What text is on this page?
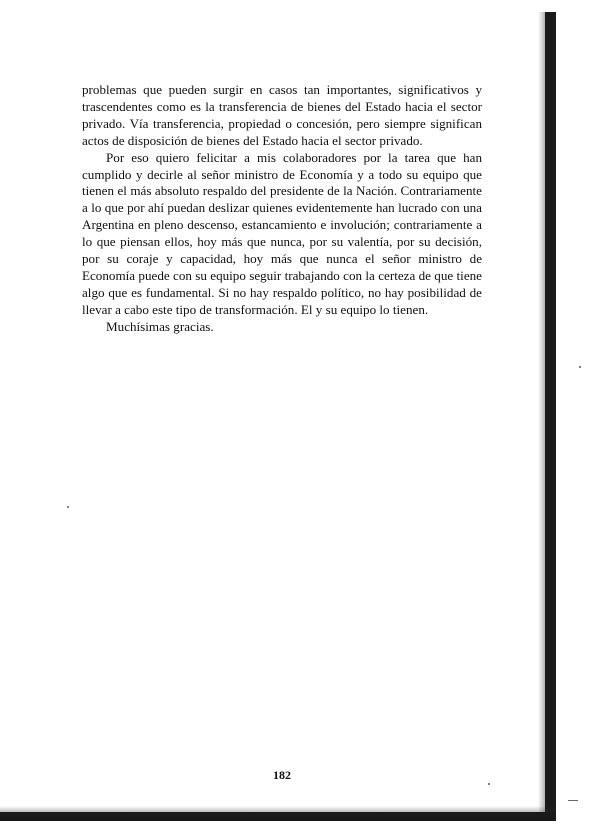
problemas que pueden surgir en casos tan importantes, significativos y trascendentes como es la transferencia de bienes del Estado hacia el sector privado. Vía transferencia, propiedad o concesión, pero siempre significan actos de disposición de bienes del Estado hacia el sector privado.

Por eso quiero felicitar a mis colaboradores por la tarea que han cumplido y decirle al señor ministro de Economía y a todo su equipo que tienen el más absoluto respaldo del presidente de la Nación. Contrariamente a lo que por ahí puedan deslizar quienes evidentemente han lucrado con una Argentina en pleno descenso, estancamiento e involución; contrariamente a lo que piensan ellos, hoy más que nunca, por su valentía, por su decisión, por su coraje y capacidad, hoy más que nunca el señor ministro de Economía puede con su equipo seguir trabajando con la certeza de que tiene algo que es fundamental. Si no hay respaldo político, no hay posibilidad de llevar a cabo este tipo de transformación. El y su equipo lo tienen.

Muchísimas gracias.

182
